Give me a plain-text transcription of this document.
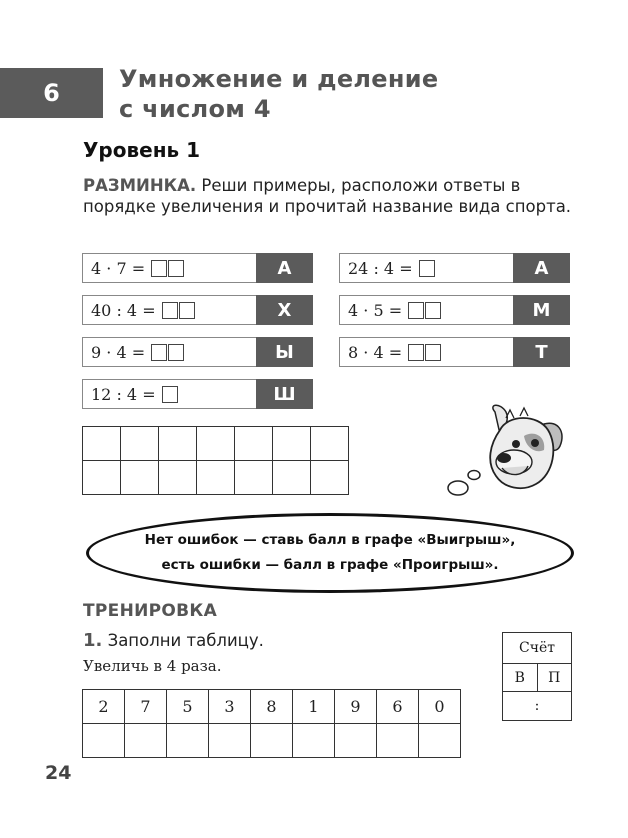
6 Умножение и деление
с числом 4
Уровень 1
РАЗМИНКА. Реши примеры, расположи ответы в порядке увеличения и прочитай название вида спорта.
4 · 7 =	А
40 : 4 =	Х
9 · 4 =	Ы
12 : 4 =	Ш
24 : 4 =	А
4 · 5 =	М
8 · 4 =	Т

Нет ошибок — ставь балл в графе «Выигрыш»,
есть ошибки — балл в графе «Проигрыш».
ТРЕНИРОВКА
1. Заполни таблицу.
Увеличь в 4 раза.
2	7	5	3	8	1	9	6	0

Счёт
В	П
:
24
